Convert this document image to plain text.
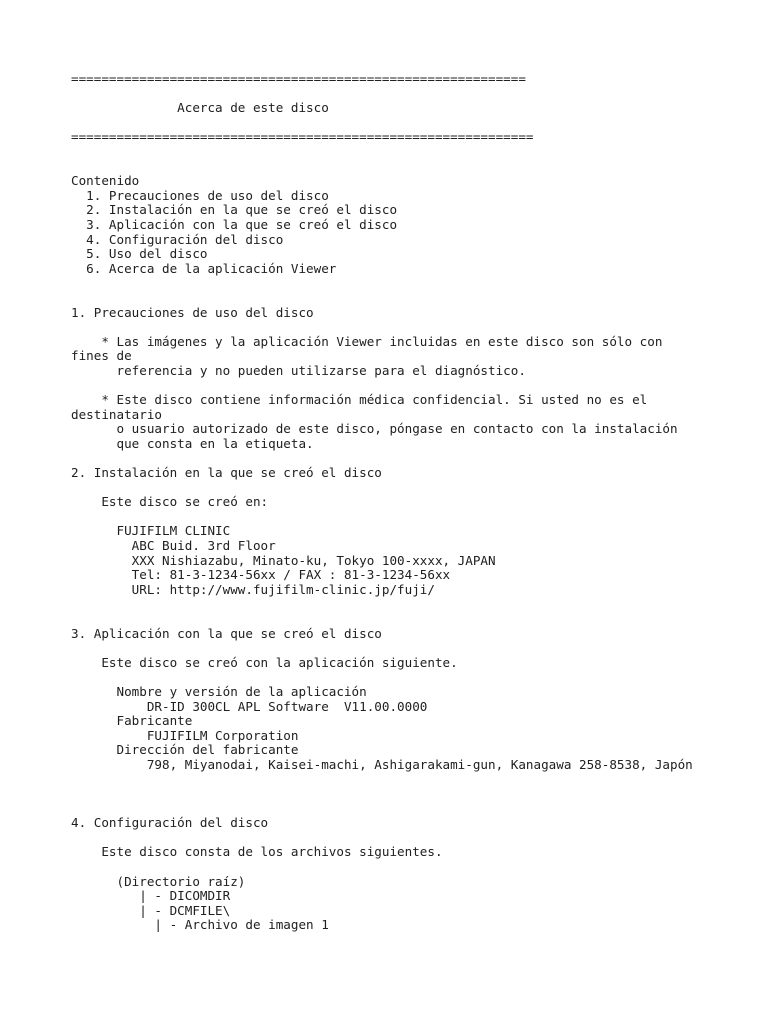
============================================================
Acerca de este disco
=============================================================
Contenido
1. Precauciones de uso del disco
2. Instalación en la que se creó el disco
3. Aplicación con la que se creó el disco
4. Configuración del disco
5. Uso del disco
6. Acerca de la aplicación Viewer
1. Precauciones de uso del disco
* Las imágenes y la aplicación Viewer incluidas en este disco son sólo con
fines de
referencia y no pueden utilizarse para el diagnóstico.
* Este disco contiene información médica confidencial. Si usted no es el
destinatario
o usuario autorizado de este disco, póngase en contacto con la instalación
que consta en la etiqueta.
2. Instalación en la que se creó el disco
Este disco se creó en:
FUJIFILM CLINIC
ABC Buid. 3rd Floor
XXX Nishiazabu, Minato-ku, Tokyo 100-xxxx, JAPAN
Tel: 81-3-1234-56xx / FAX : 81-3-1234-56xx
URL: http://www.fujifilm-clinic.jp/fuji/
3. Aplicación con la que se creó el disco
Este disco se creó con la aplicación siguiente.
Nombre y versión de la aplicación
DR-ID 300CL APL Software  V11.00.0000
Fabricante
FUJIFILM Corporation
Dirección del fabricante
798, Miyanodai, Kaisei-machi, Ashigarakami-gun, Kanagawa 258-8538, Japón
4. Configuración del disco
Este disco consta de los archivos siguientes.
(Directorio raíz)
| - DICOMDIR
| - DCMFILE\
| - Archivo de imagen 1
